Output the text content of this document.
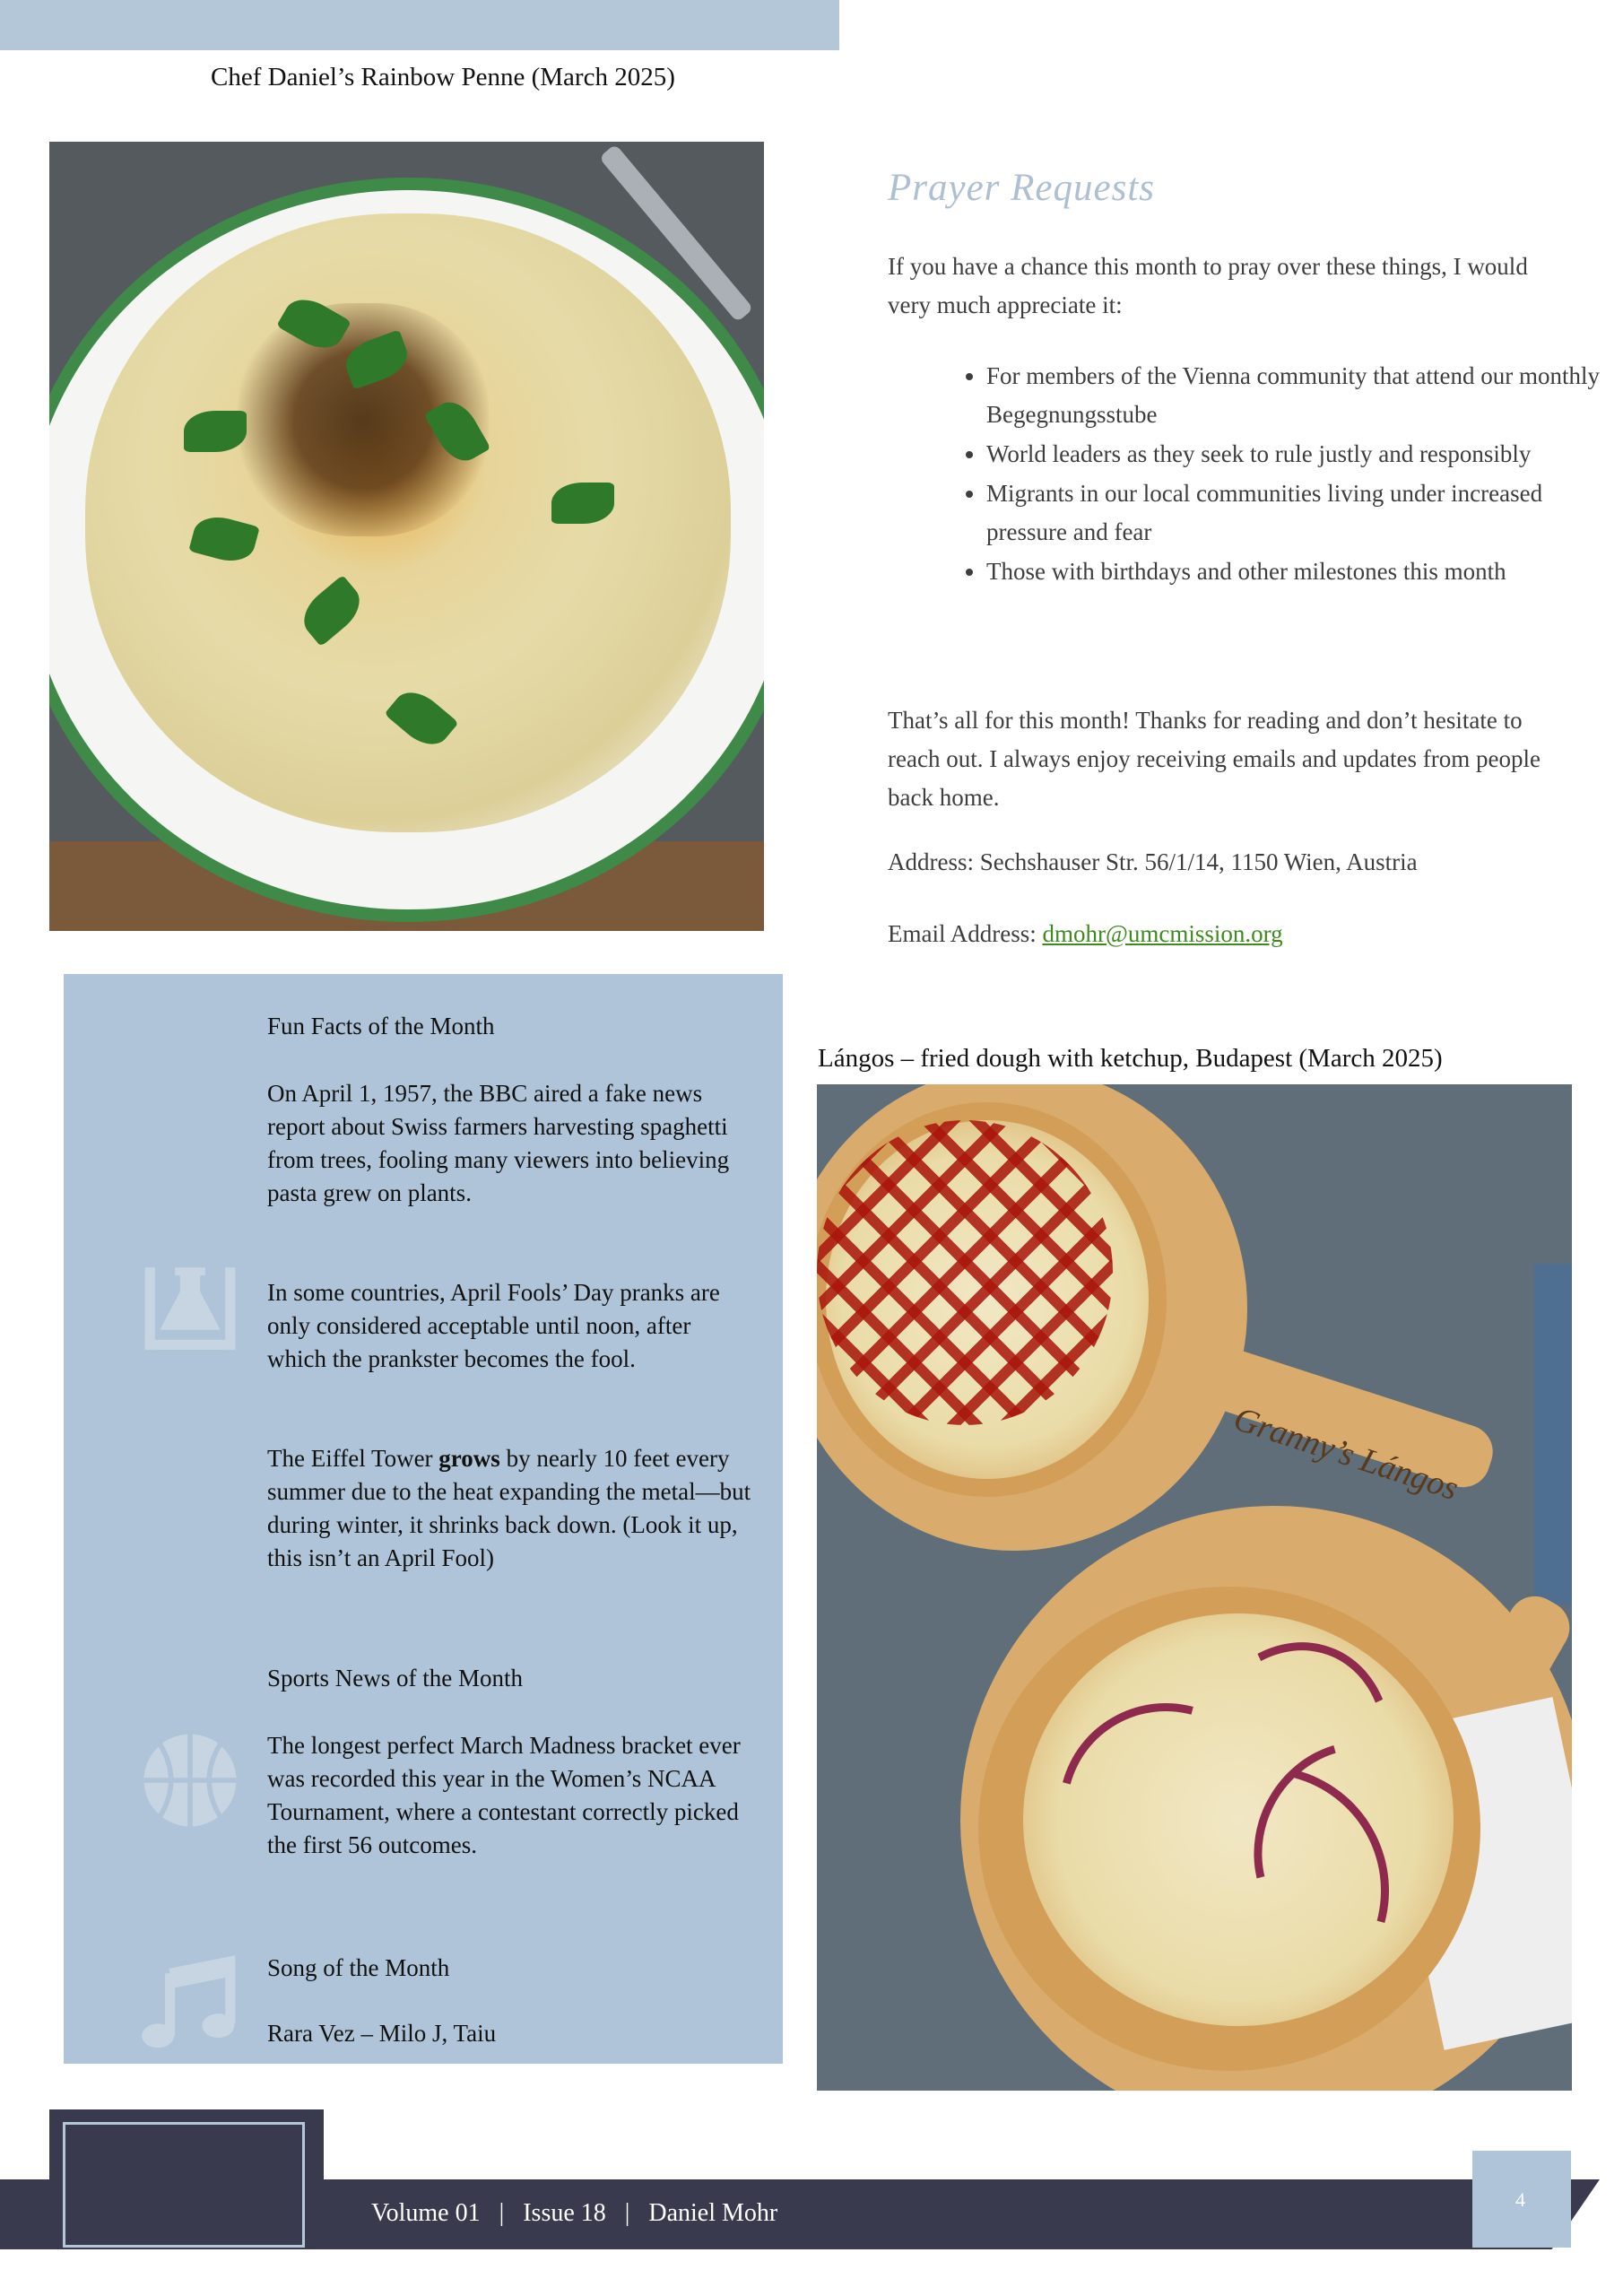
Chef Daniel’s Rainbow Penne (March 2025)
Prayer Requests
If you have a chance this month to pray over these things, I would very much appreciate it:
• For members of the Vienna community that attend our monthly Begegnungsstube
• World leaders as they seek to rule justly and responsibly
• Migrants in our local communities living under increased pressure and fear
• Those with birthdays and other milestones this month
That’s all for this month! Thanks for reading and don’t hesitate to reach out. I always enjoy receiving emails and updates from people back home.
Address: Sechshauser Str. 56/1/14, 1150 Wien, Austria
Email Address: dmohr@umcmission.org
Fun Facts of the Month
On April 1, 1957, the BBC aired a fake news report about Swiss farmers harvesting spaghetti from trees, fooling many viewers into believing pasta grew on plants.
In some countries, April Fools’ Day pranks are only considered acceptable until noon, after which the prankster becomes the fool.
The Eiffel Tower grows by nearly 10 feet every summer due to the heat expanding the metal—but during winter, it shrinks back down. (Look it up, this isn’t an April Fool)
Sports News of the Month
The longest perfect March Madness bracket ever was recorded this year in the Women’s NCAA Tournament, where a contestant correctly picked the first 56 outcomes.
Song of the Month
Rara Vez – Milo J, Taiu
Lángos – fried dough with ketchup, Budapest (March 2025)
Granny’s Lángos
Volume 01 | Issue 18 | Daniel Mohr	4
